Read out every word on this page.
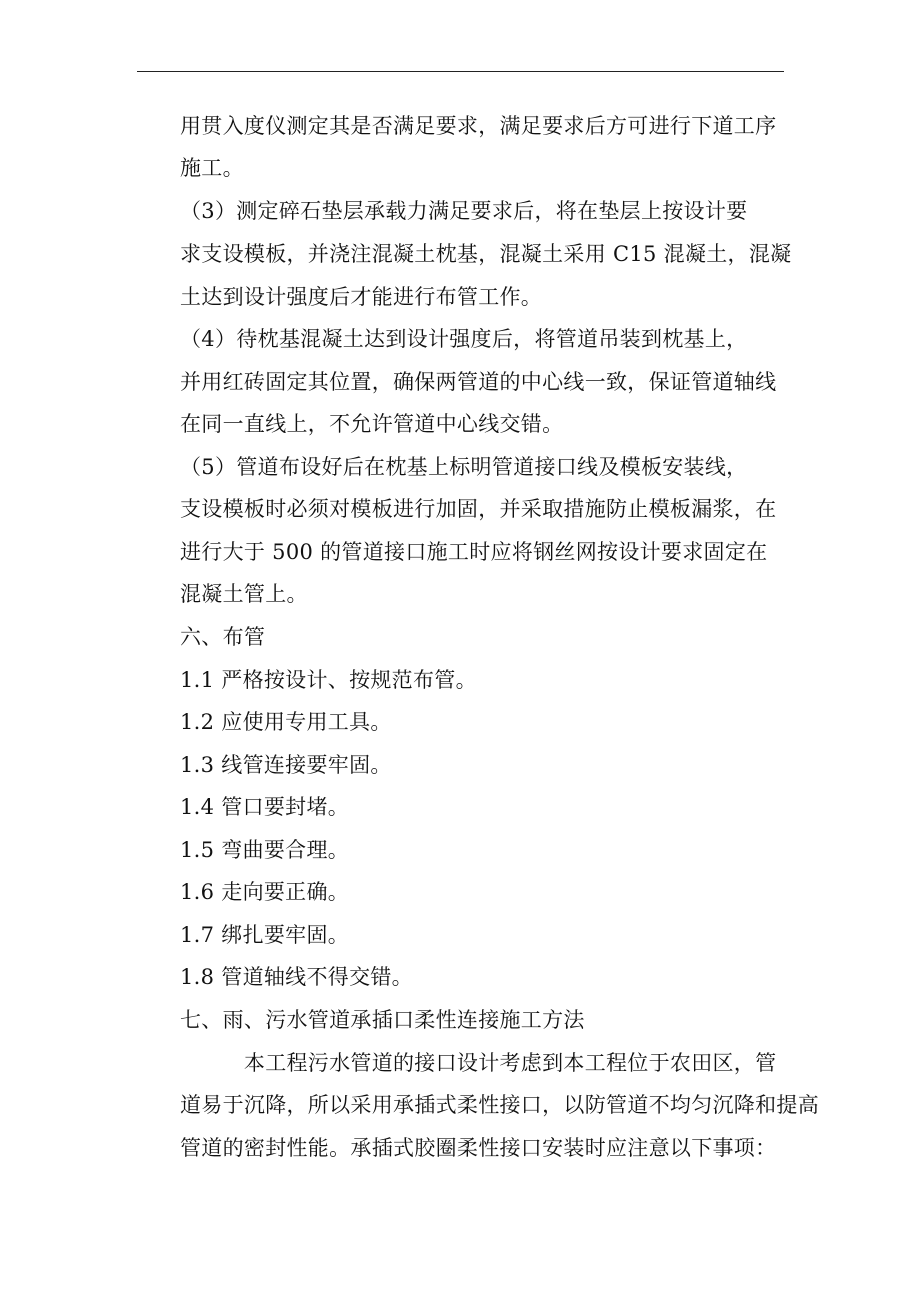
用贯入度仪测定其是否满足要求，满足要求后方可进行下道工序
施工。
（3）测定碎石垫层承载力满足要求后，将在垫层上按设计要
求支设模板，并浇注混凝土枕基，混凝土采用 C15 混凝土，混凝
土达到设计强度后才能进行布管工作。
（4）待枕基混凝土达到设计强度后，将管道吊装到枕基上，
并用红砖固定其位置，确保两管道的中心线一致，保证管道轴线
在同一直线上，不允许管道中心线交错。
（5）管道布设好后在枕基上标明管道接口线及模板安装线，
支设模板时必须对模板进行加固，并采取措施防止模板漏浆，在
进行大于 500 的管道接口施工时应将钢丝网按设计要求固定在
混凝土管上。
六、布管
1.1 严格按设计、按规范布管。
1.2 应使用专用工具。
1.3 线管连接要牢固。
1.4 管口要封堵。
1.5 弯曲要合理。
1.6 走向要正确。
1.7 绑扎要牢固。
1.8 管道轴线不得交错。
七、雨、污水管道承插口柔性连接施工方法
　　　本工程污水管道的接口设计考虑到本工程位于农田区，管
道易于沉降，所以采用承插式柔性接口，以防管道不均匀沉降和提高
管道的密封性能。承插式胶圈柔性接口安装时应注意以下事项：
